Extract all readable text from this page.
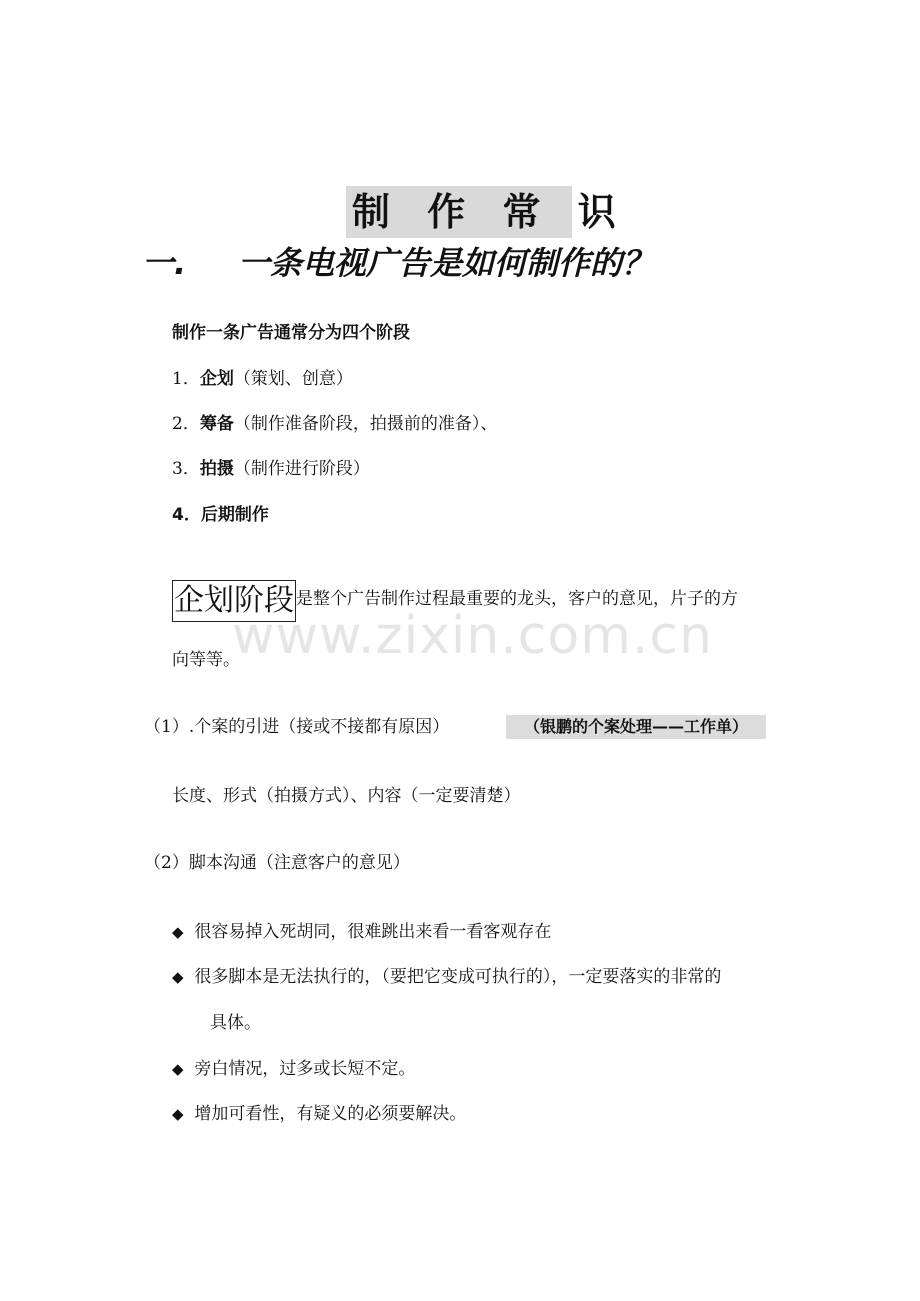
制 作 常 识
一. 一条电视广告是如何制作的？
制作一条广告通常分为四个阶段
1．企划（策划、创意）
2．筹备（制作准备阶段，拍摄前的准备）、
3．拍摄（制作进行阶段）
4．后期制作
www.zixin.com.cn
企划阶段 是整个广告制作过程最重要的龙头，客户的意见，片子的方
向等等。
（1）.个案的引进（接或不接都有原因）	（银鹏的个案处理——工作单）
长度、形式（拍摄方式）、内容（一定要清楚）
（2）脚本沟通（注意客户的意见）
◆ 很容易掉入死胡同，很难跳出来看一看客观存在
◆ 很多脚本是无法执行的，（要把它变成可执行的），一定要落实的非常的
具体。
◆ 旁白情况，过多或长短不定。
◆ 增加可看性，有疑义的必须要解决。
